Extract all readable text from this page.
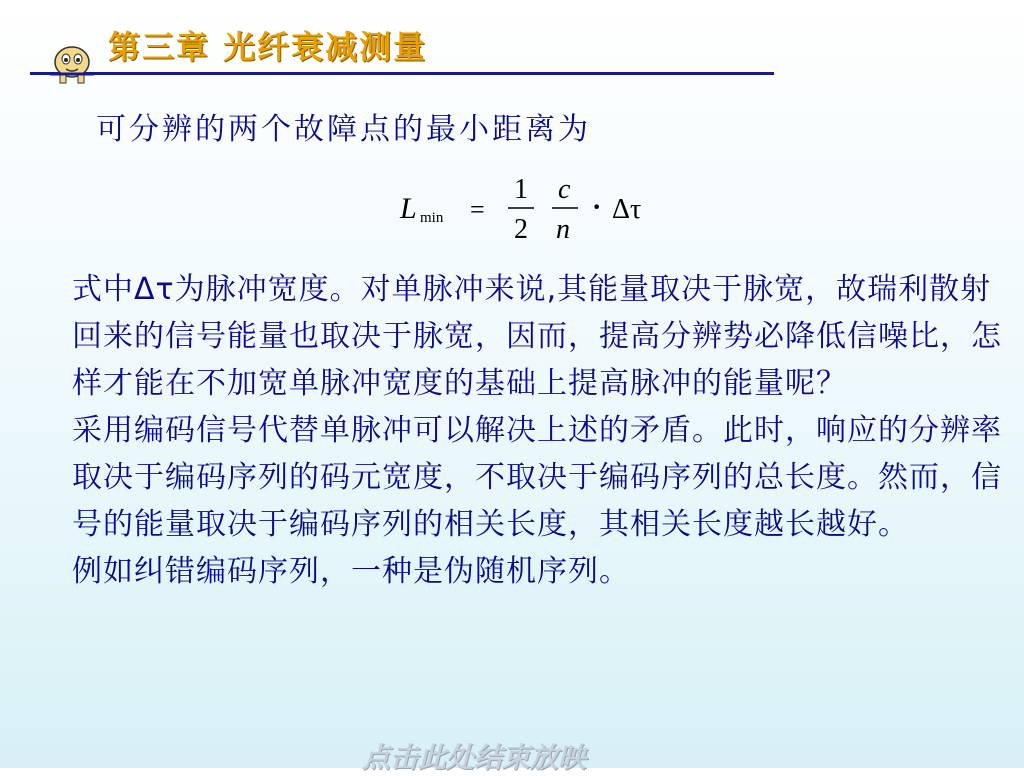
第三章 光纤衰减测量
可分辨的两个故障点的最小距离为
L min =
1
2
c
n
· Δτ

式中Δτ为脉冲宽度。对单脉冲来说,其能量取决于脉宽，故瑞利散射回来的信号能量也取决于脉宽，因而，提高分辨势必降低信噪比，怎样才能在不加宽单脉冲宽度的基础上提高脉冲的能量呢？

采用编码信号代替单脉冲可以解决上述的矛盾。此时，响应的分辨率取决于编码序列的码元宽度，不取决于编码序列的总长度。然而，信号的能量取决于编码序列的相关长度，其相关长度越长越好。

例如纠错编码序列，一种是伪随机序列。

点击此处结束放映
